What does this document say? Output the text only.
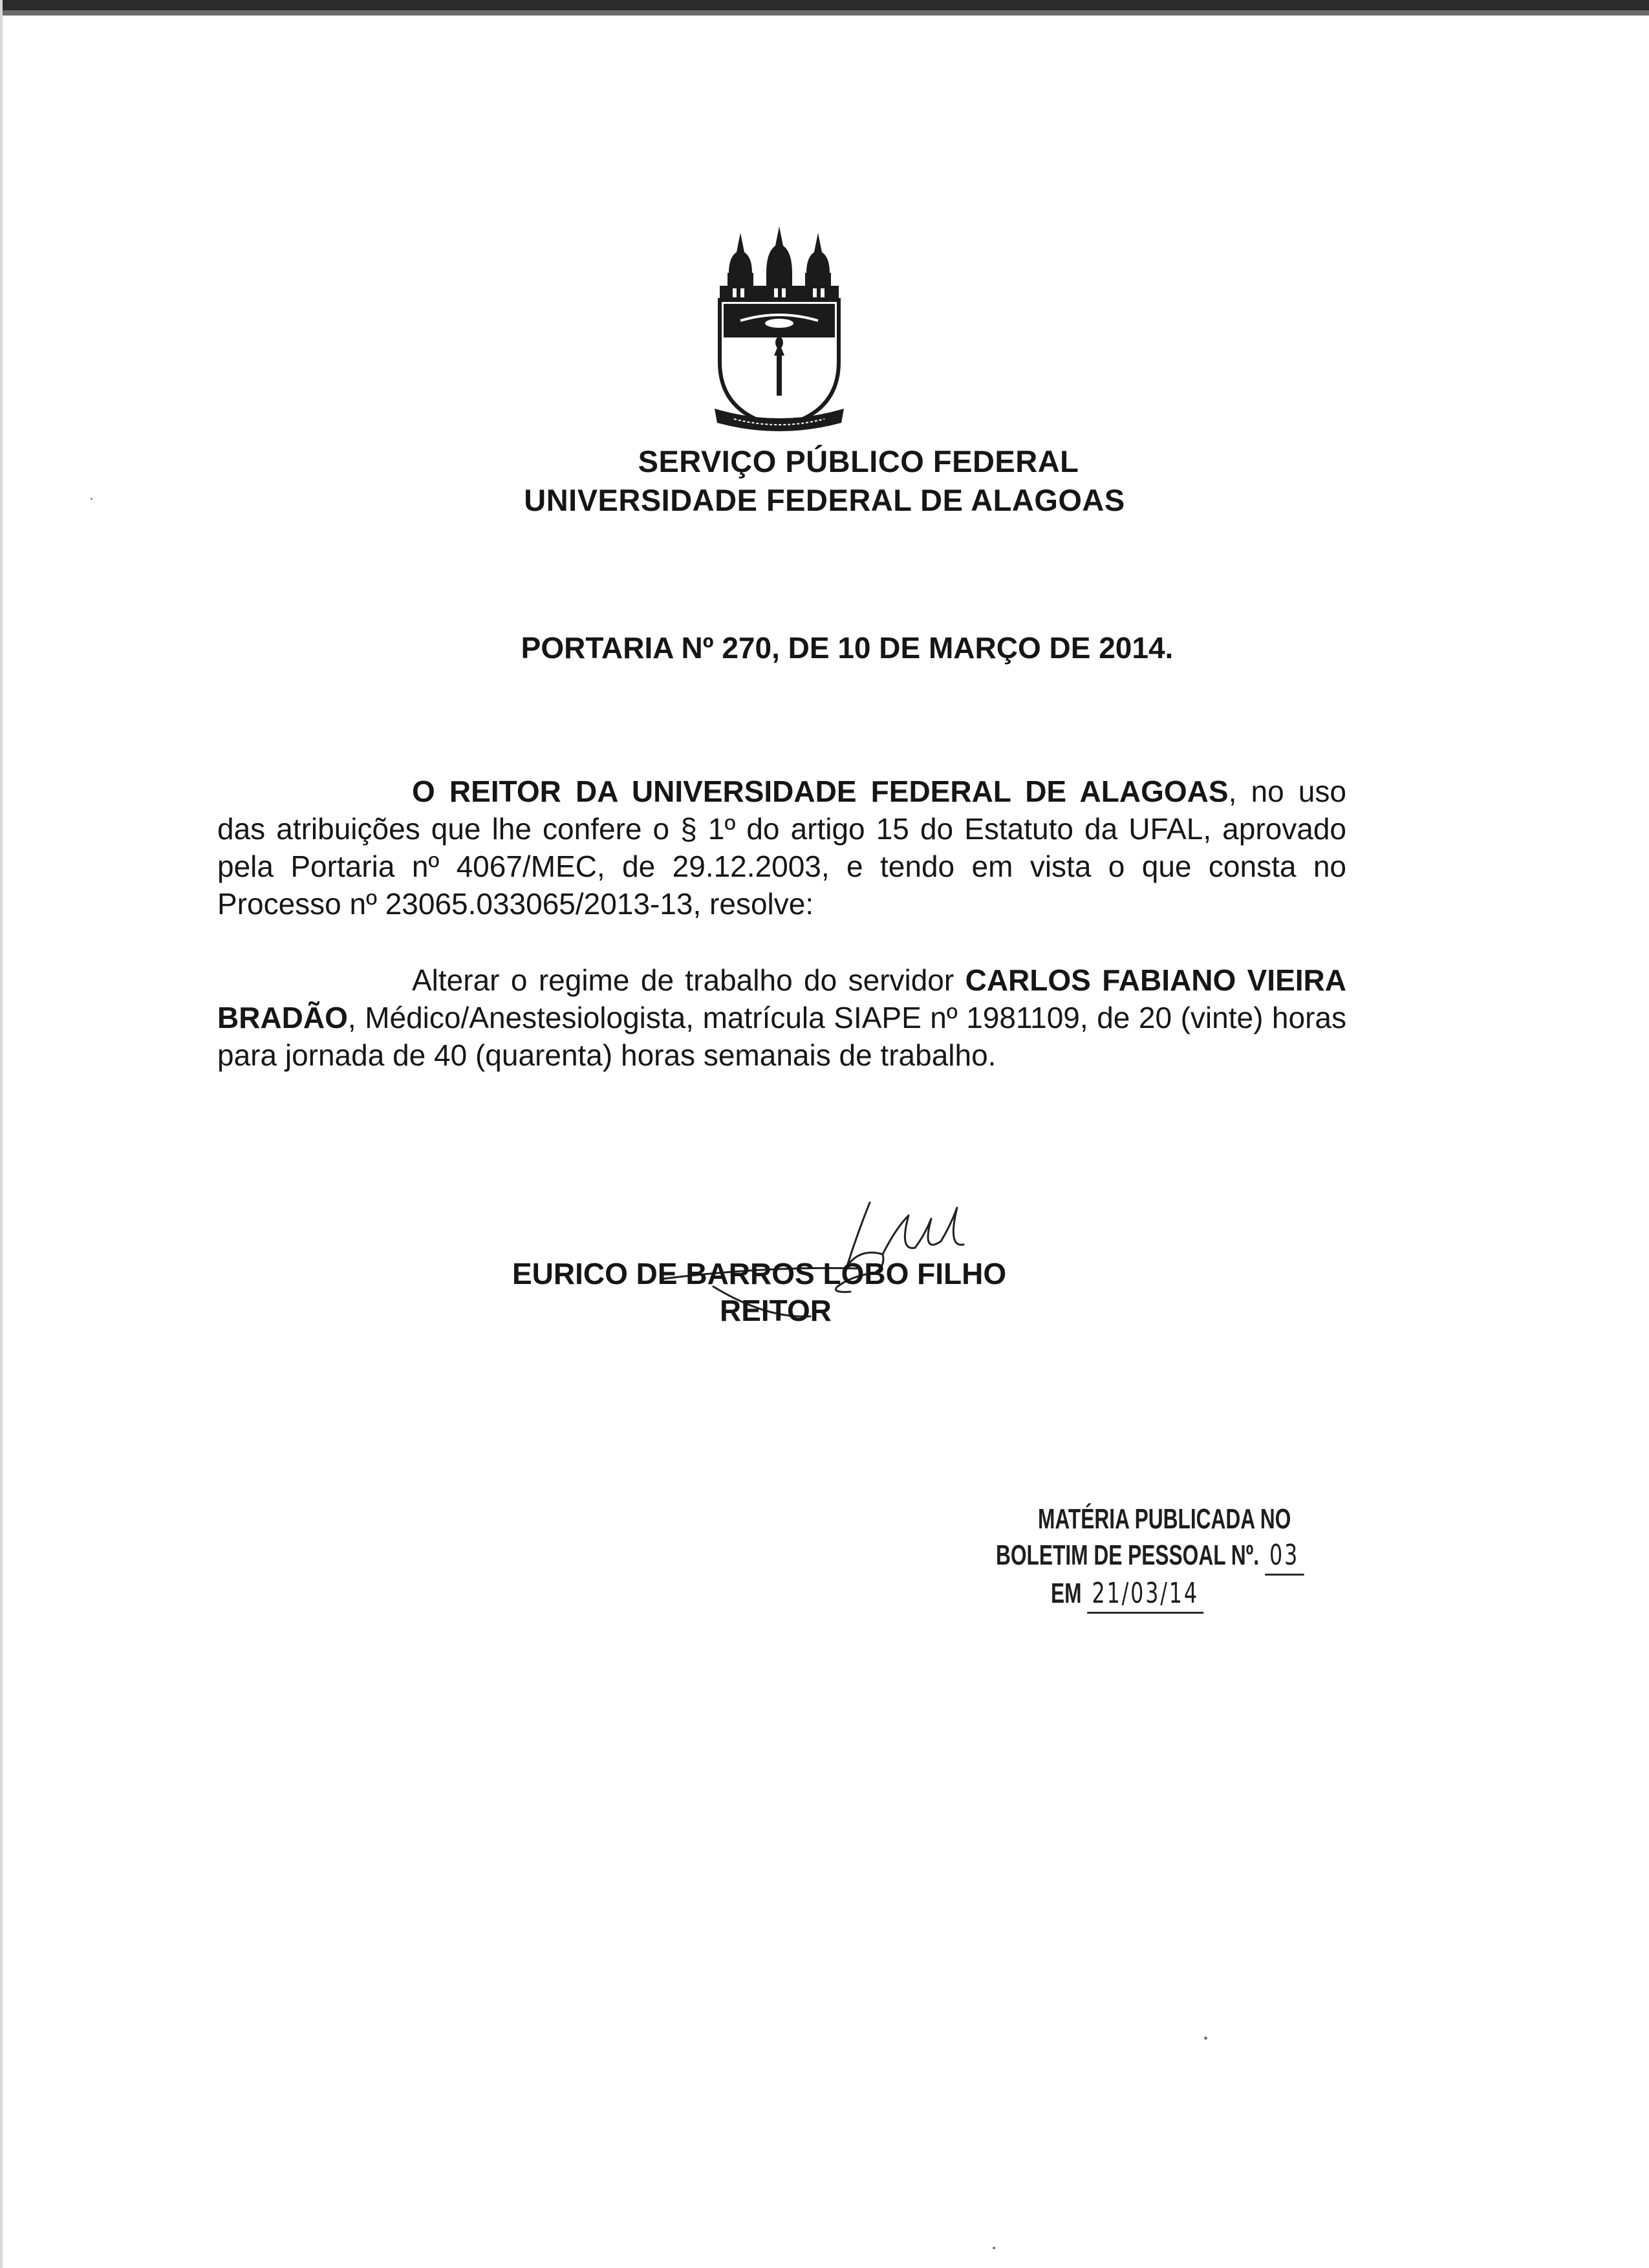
SERVIÇO PÚBLICO FEDERAL
UNIVERSIDADE FEDERAL DE ALAGOAS
PORTARIA Nº 270, DE 10 DE MARÇO DE 2014.
O REITOR DA UNIVERSIDADE FEDERAL DE ALAGOAS, no uso das atribuições que lhe confere o § 1º do artigo 15 do Estatuto da UFAL, aprovado pela Portaria nº 4067/MEC, de 29.12.2003, e tendo em vista o que consta no Processo nº 23065.033065/2013-13, resolve:
Alterar o regime de trabalho do servidor CARLOS FABIANO VIEIRA BRADÃO, Médico/Anestesiologista, matrícula SIAPE nº 1981109, de 20 (vinte) horas para jornada de 40 (quarenta) horas semanais de trabalho.
EURICO DE BARROS LOBO FILHO
REITOR
MATÉRIA PUBLICADA NO
BOLETIM DE PESSOAL Nº. 03
EM 21/03/14
